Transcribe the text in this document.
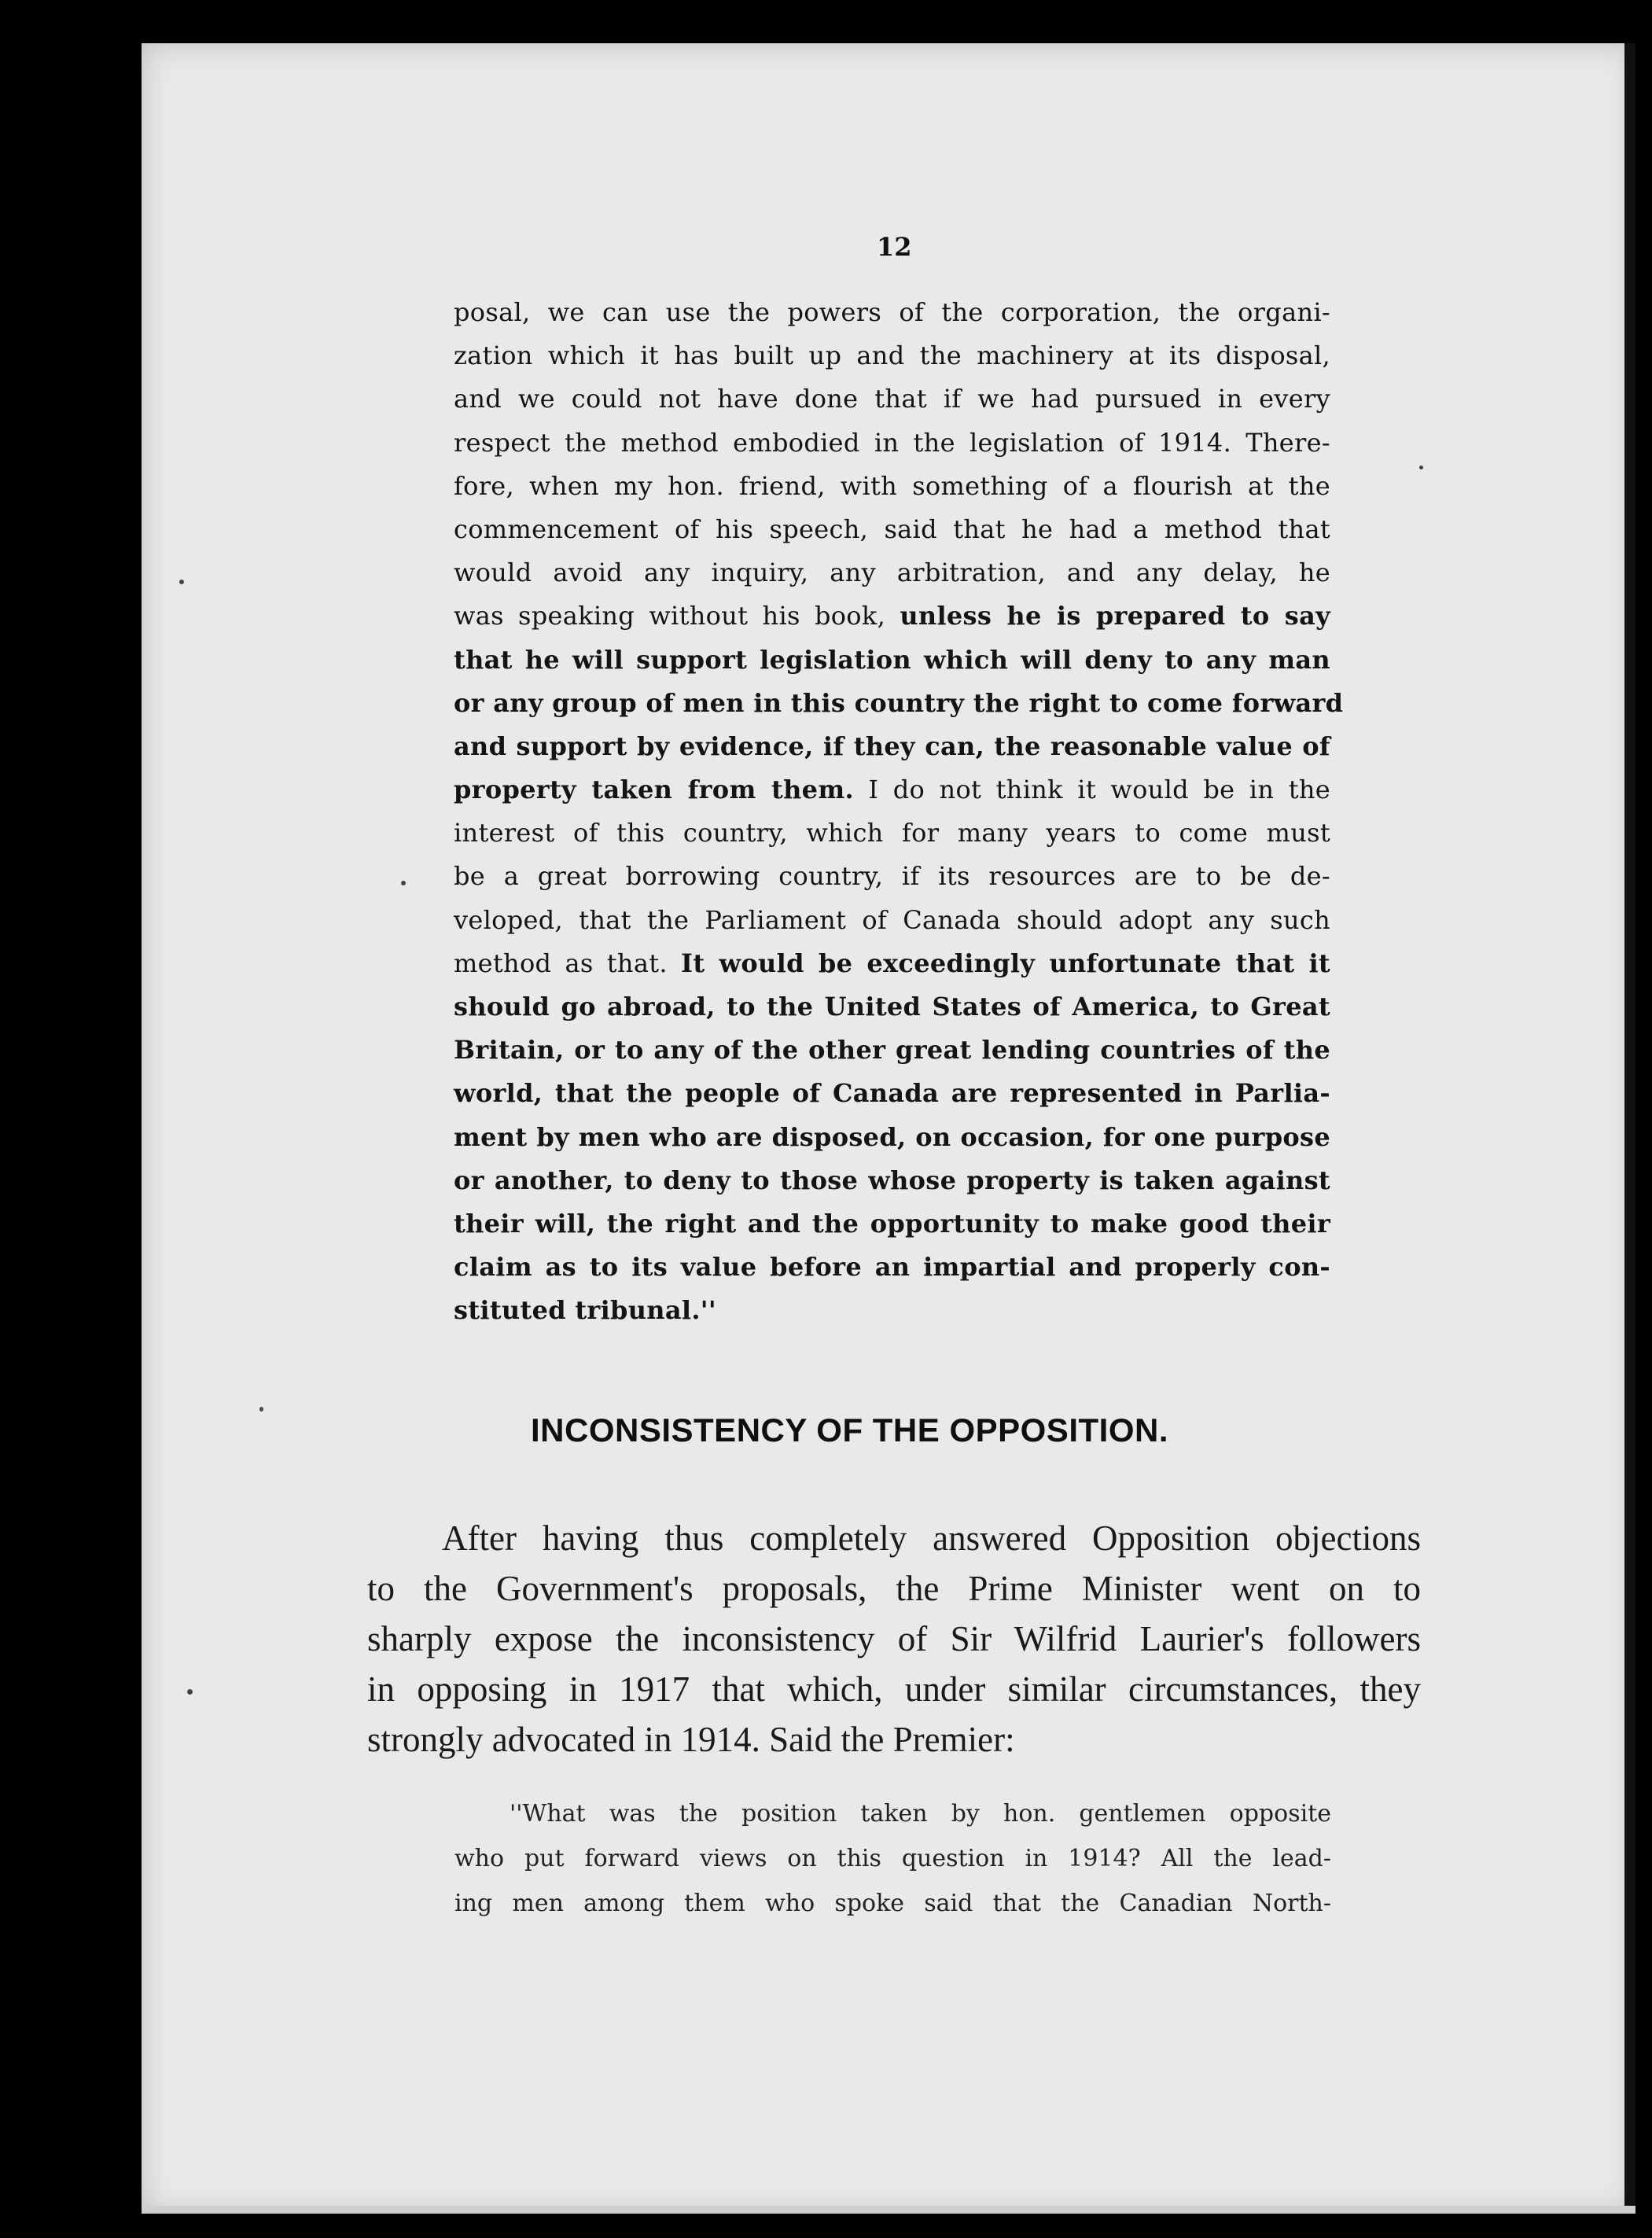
12
posal, we can use the powers of the corporation, the organi-
zation which it has built up and the machinery at its disposal,
and we could not have done that if we had pursued in every
respect the method embodied in the legislation of 1914. There-
fore, when my hon. friend, with something of a flourish at the
commencement of his speech, said that he had a method that
would avoid any inquiry, any arbitration, and any delay, he
was speaking without his book, unless he is prepared to say
that he will support legislation which will deny to any man
or any group of men in this country the right to come forward
and support by evidence, if they can, the reasonable value of
property taken from them. I do not think it would be in the
interest of this country, which for many years to come must
be a great borrowing country, if its resources are to be de-
veloped, that the Parliament of Canada should adopt any such
method as that. It would be exceedingly unfortunate that it
should go abroad, to the United States of America, to Great
Britain, or to any of the other great lending countries of the
world, that the people of Canada are represented in Parlia-
ment by men who are disposed, on occasion, for one purpose
or another, to deny to those whose property is taken against
their will, the right and the opportunity to make good their
claim as to its value before an impartial and properly con-
stituted tribunal.''
INCONSISTENCY OF THE OPPOSITION.
After having thus completely answered Opposition objections
to the Government's proposals, the Prime Minister went on to
sharply expose the inconsistency of Sir Wilfrid Laurier's followers
in opposing in 1917 that which, under similar circumstances, they
strongly advocated in 1914. Said the Premier:
''What was the position taken by hon. gentlemen opposite
who put forward views on this question in 1914? All the lead-
ing men among them who spoke said that the Canadian North-
